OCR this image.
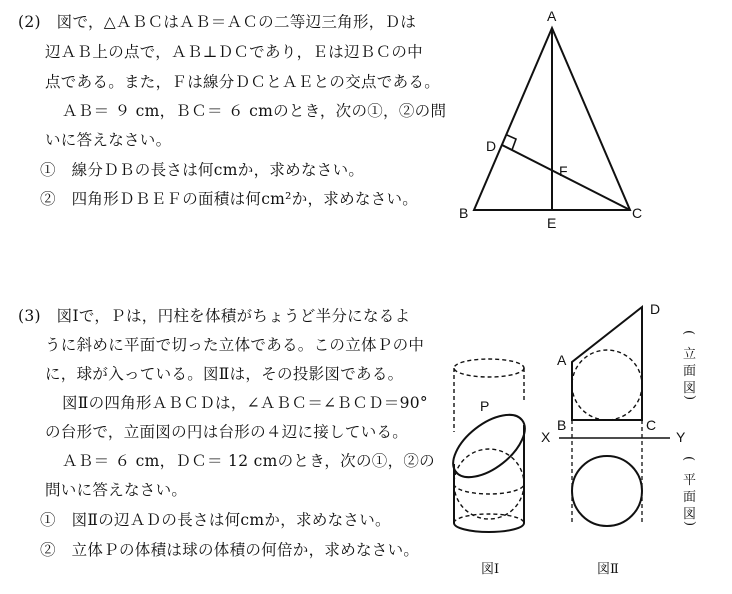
(2)　図で，△ＡＢＣはＡＢ＝ＡＣの二等辺三角形，Ｄは
辺ＡＢ上の点で，ＡＢ⊥ＤＣであり，Ｅは辺ＢＣの中
点である。また，Ｆは線分ＤＣとＡＥとの交点である。
ＡＢ＝ ９ cm，ＢＣ＝ ６ cmのとき，次の①，②の問
いに答えなさい。
①　線分ＤＢの長さは何cmか，求めなさい。
②　四角形ＤＢＥＦの面積は何cm²か，求めなさい。
(3)　図Ⅰで，Ｐは，円柱を体積がちょうど半分になるよ
うに斜めに平面で切った立体である。この立体Ｐの中
に，球が入っている。図Ⅱは，その投影図である。
図Ⅱの四角形ＡＢＣＤは，∠ＡＢＣ＝∠ＢＣＤ＝90°
の台形で，立面図の円は台形の４辺に接している。
ＡＢ＝ ６ cm，ＤＣ＝ 12 cmのとき，次の①，②の
問いに答えなさい。
①　図Ⅱの辺ＡＤの長さは何cmか，求めなさい。
②　立体Ｐの体積は球の体積の何倍か，求めなさい。
A
B	C
D
E
F
P
図Ⅰ
A
D
B	C
X	Y
図Ⅱ
(
立
面
図
)
(
平
面
図
)
